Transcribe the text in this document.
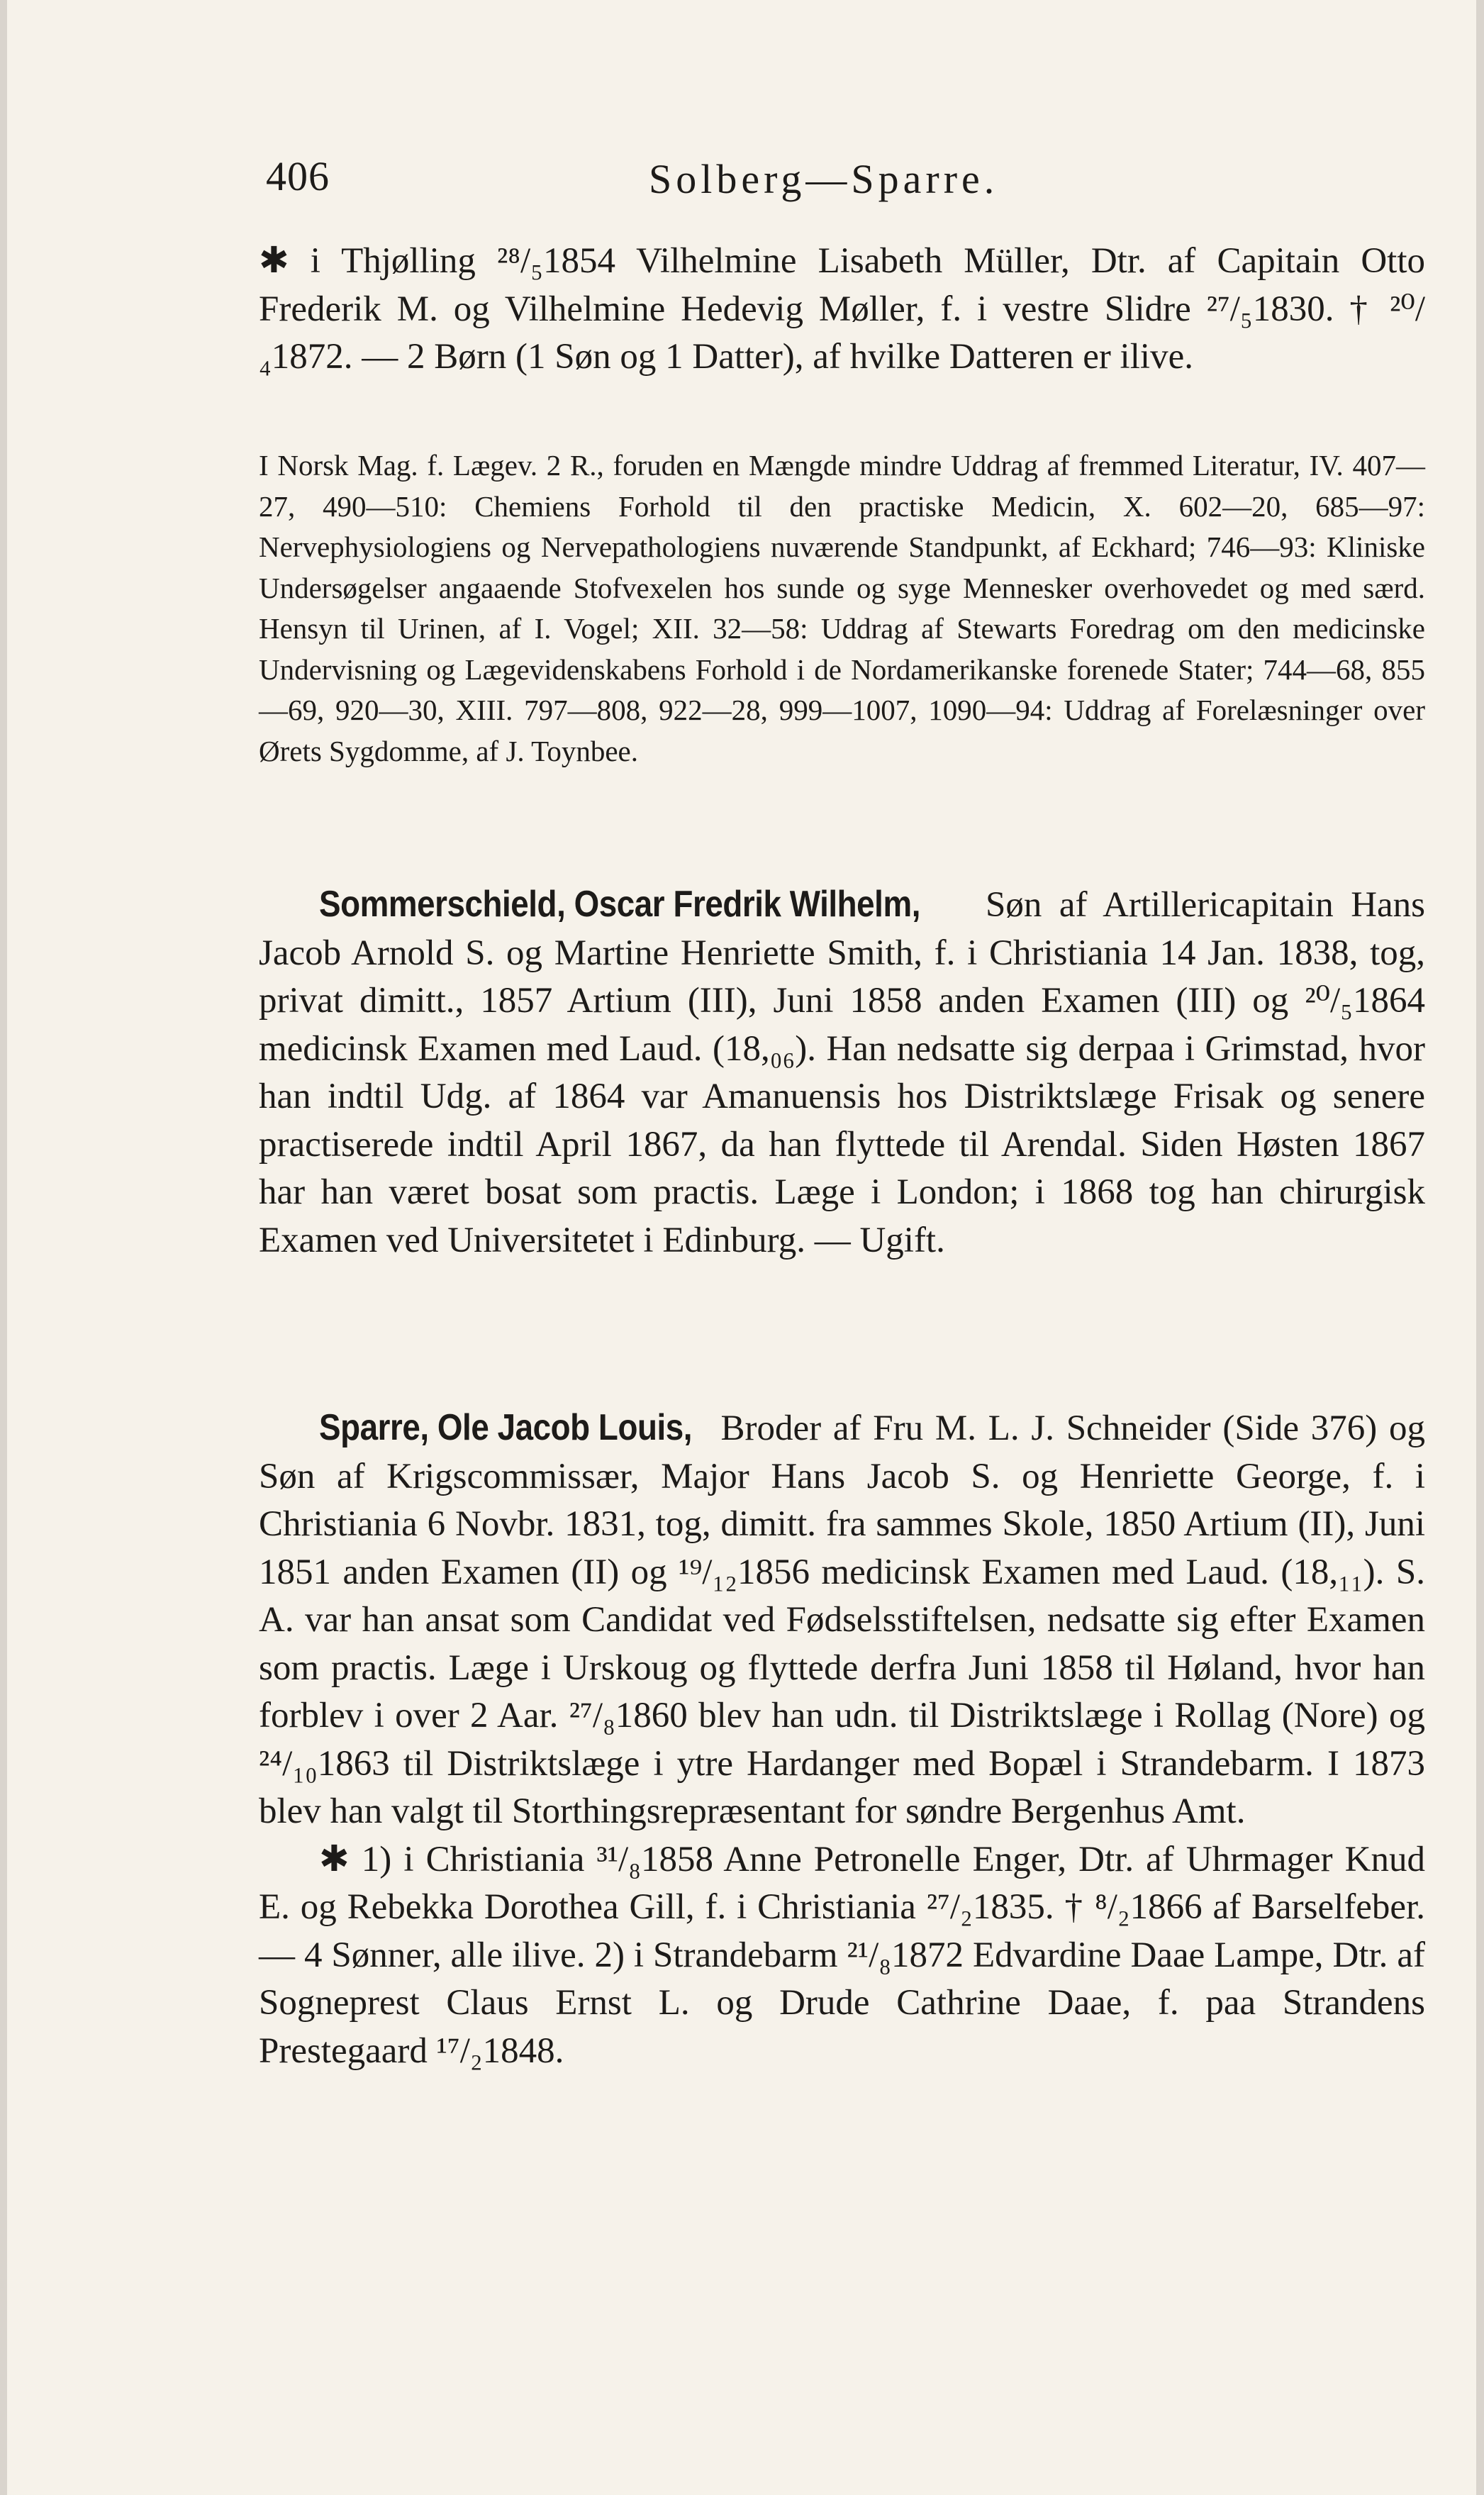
406	Solberg—Sparre.

✱ i Thjølling ²⁸/₅1854 Vilhelmine Lisabeth Müller, Dtr. af Capitain Otto Frederik M. og Vilhelmine Hedevig Møller, f. i vestre Slidre ²⁷/₅1830. † ²⁰/₄1872. — 2 Børn (1 Søn og 1 Datter), af hvilke Datteren er ilive.

I Norsk Mag. f. Lægev. 2 R., foruden en Mængde mindre Uddrag af fremmed Literatur, IV. 407—27, 490—510: Chemiens Forhold til den practiske Medicin, X. 602—20, 685—97: Nervephysiologiens og Nervepathologiens nuværende Standpunkt, af Eckhard; 746—93: Kliniske Undersøgelser angaaende Stofvexelen hos sunde og syge Mennesker overhovedet og med særd. Hensyn til Urinen, af I. Vogel; XII. 32—58: Uddrag af Stewarts Foredrag om den medicinske Undervisning og Lægevidenskabens Forhold i de Nordamerikanske forenede Stater; 744—68, 855—69, 920—30, XIII. 797—808, 922—28, 999—1007, 1090—94: Uddrag af Forelæsninger over Ørets Sygdomme, af J. Toynbee.

Sommerschield, Oscar Fredrik Wilhelm, Søn af Artillericapitain Hans Jacob Arnold S. og Martine Henriette Smith, f. i Christiania 14 Jan. 1838, tog, privat dimitt., 1857 Artium (III), Juni 1858 anden Examen (III) og ²⁰/₅1864 medicinsk Examen med Laud. (18,₀₆). Han nedsatte sig derpaa i Grimstad, hvor han indtil Udg. af 1864 var Amanuensis hos Distriktslæge Frisak og senere practiserede indtil April 1867, da han flyttede til Arendal. Siden Høsten 1867 har han været bosat som practis. Læge i London; i 1868 tog han chirurgisk Examen ved Universitetet i Edinburg. — Ugift.

Sparre, Ole Jacob Louis, Broder af Fru M. L. J. Schneider (Side 376) og Søn af Krigscommissær, Major Hans Jacob S. og Henriette George, f. i Christiania 6 Novbr. 1831, tog, dimitt. fra sammes Skole, 1850 Artium (II), Juni 1851 anden Examen (II) og ¹⁹/₁₂1856 medicinsk Examen med Laud. (18,₁₁). S. A. var han ansat som Candidat ved Fødselsstiftelsen, nedsatte sig efter Examen som practis. Læge i Urskoug og flyttede derfra Juni 1858 til Høland, hvor han forblev i over 2 Aar. ²⁷/₈1860 blev han udn. til Distriktslæge i Rollag (Nore) og ²⁴/₁₀1863 til Distriktslæge i ytre Hardanger med Bopæl i Strandebarm. I 1873 blev han valgt til Storthingsrepræsentant for søndre Bergenhus Amt.

✱ 1) i Christiania ³¹/₈1858 Anne Petronelle Enger, Dtr. af Uhrmager Knud E. og Rebekka Dorothea Gill, f. i Christiania ²⁷/₂1835. † ⁸/₂1866 af Barselfeber. — 4 Sønner, alle ilive. 2) i Strandebarm ²¹/₈1872 Edvardine Daae Lampe, Dtr. af Sogneprest Claus Ernst L. og Drude Cathrine Daae, f. paa Strandens Prestegaard ¹⁷/₂1848.
